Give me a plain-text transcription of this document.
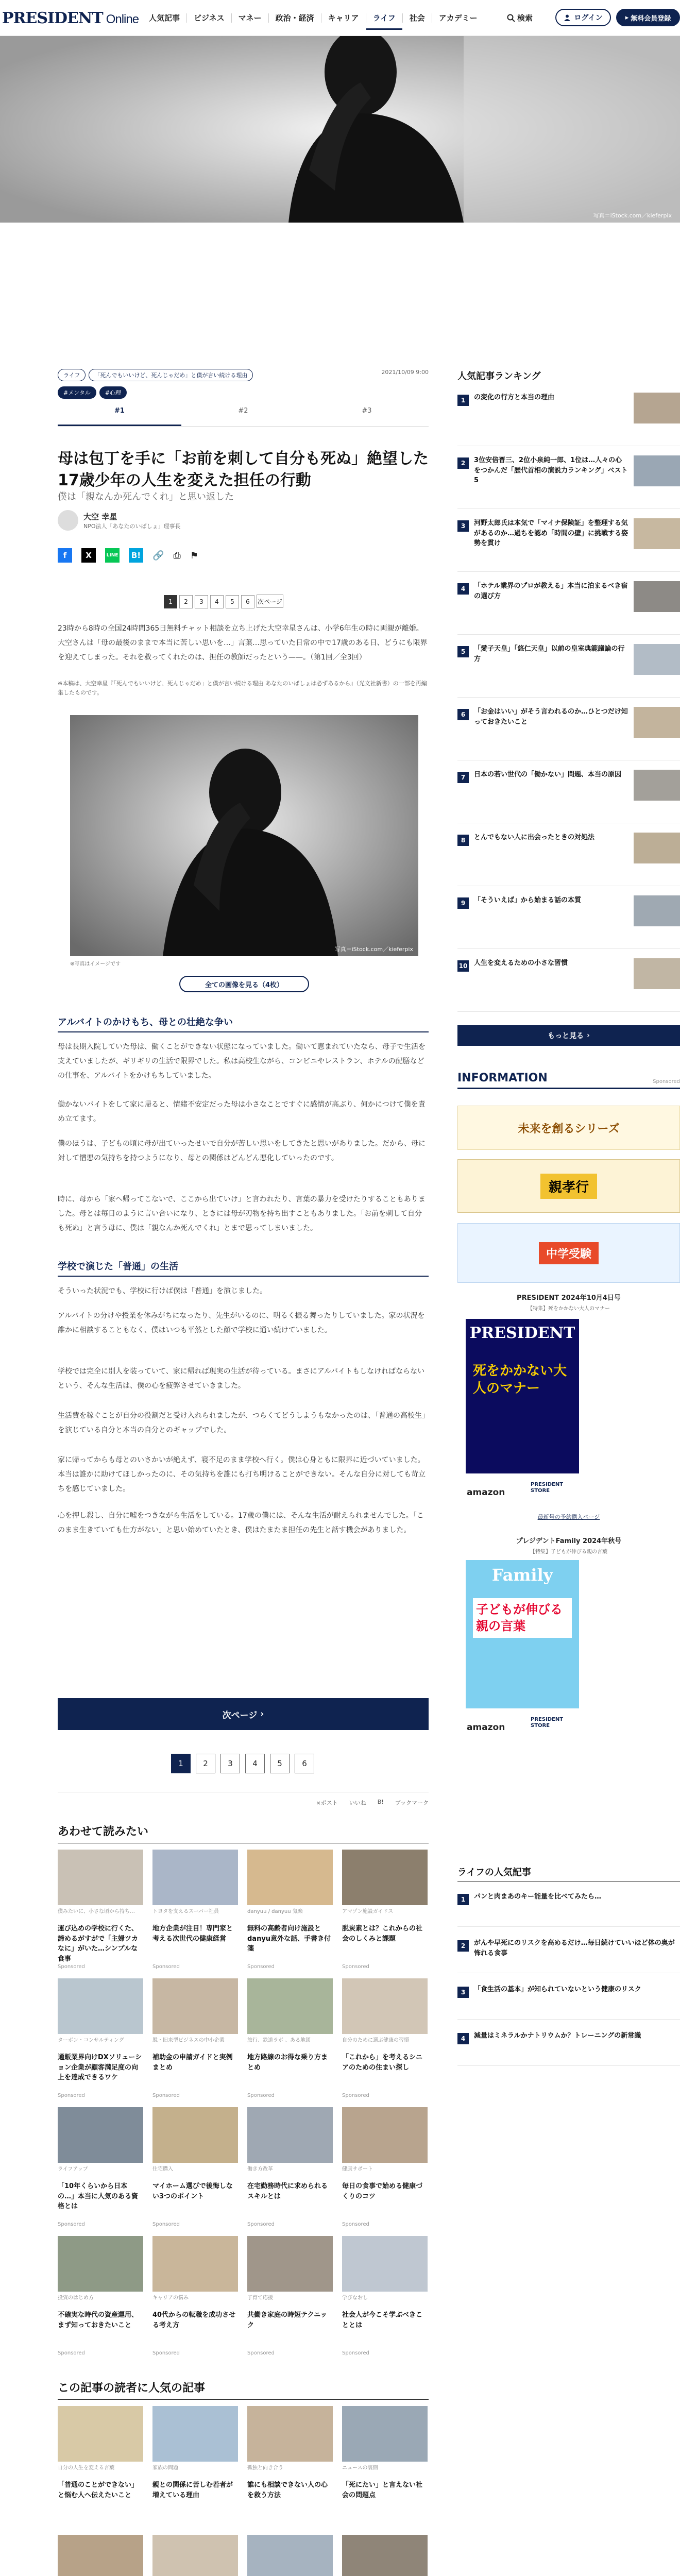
PRESIDENT Online	人気記事	ビジネス	マネー	政治・経済	キャリア	ライフ	社会	アカデミー	検索	ログイン	▸ 無料会員登録
写真＝iStock.com／kieferpix
ライフ	「死んでもいいけど、死んじゃだめ」と僕が言い続ける理由	2021/10/09 9:00
#メンタル	#心理
#1	#2	#3
母は包丁を手に「お前を刺して自分も死ぬ」絶望した17歳少年の人生を変えた担任の行動
僕は「親なんか死んでくれ」と思い返した
大空 幸星
NPO法人「あなたのいばしょ」理事長
f	X	LINE	B! 🔗 ⎙ ⚑
1 2 3 4 5 6 次ページ
23時から8時の全国24時間365日無料チャット相談を立ち上げた大空幸星さんは、小学6年生の時に両親が離婚。大空さんは「母の最後のままで本当に苦しい思いを…」言葉…思っていた日常の中で17歳のある日、どうにも限界を迎えてしまった。それを救ってくれたのは、担任の教師だったという——。（第1回／全3回）
※本稿は、大空幸星『「死んでもいいけど、死んじゃだめ」と僕が言い続ける理由 あなたのいばしょは必ずあるから』（光文社新書）の一部を再編集したものです。
写真＝iStock.com／kieferpix
※写真はイメージです
全ての画像を見る（4枚）
アルバイトのかけもち、母との壮絶な争い
母は長期入院していた母は、働くことができない状態になっていました。働いて恵まれていたなら、母子で生活を支えていましたが、ギリギリの生活で限界でした。私は高校生ながら、コンビニやレストラン、ホテルの配膳などの仕事を、アルバイトをかけもちしていました。
働かないバイトをして家に帰ると、情緒不安定だった母は小さなことですぐに感情が高ぶり、何かにつけて僕を責め立てます。
僕のほうは、子どもの頃に母が出ていったせいで自分が苦しい思いをしてきたと思いがありました。だから、母に対して憎悪の気持ちを持つようになり、母との関係はどんどん悪化していったのです。
時に、母から「家へ帰ってこないで、ここから出ていけ」と言われたり、言葉の暴力を受けたりすることもありました。母とは毎日のように言い合いになり、ときには母が刃物を持ち出すこともありました。「お前を刺して自分も死ぬ」と言う母に、僕は「親なんか死んでくれ」とまで思ってしまいました。
学校で演じた「普通」の生活
そういった状況でも、学校に行けば僕は「普通」を演じました。
アルバイトの分けや授業を休みがちになったり、先生がいるのに、明るく振る舞ったりしていました。家の状況を誰かに相談することもなく、僕はいつも平然とした顔で学校に通い続けていました。
学校では完全に別人を装っていて、家に帰れば現実の生活が待っている。まさにアルバイトもしなければならないという、そんな生活は、僕の心を疲弊させていきました。
生活費を稼ぐことが自分の役割だと受け入れられましたが、つらくてどうしようもなかったのは、「普通の高校生」を演じている自分と本当の自分とのギャップでした。
家に帰ってからも母とのいさかいが絶えず、寝不足のまま学校へ行く。僕は心身ともに限界に近づいていました。本当は誰かに助けてほしかったのに、その気持ちを誰にも打ち明けることができない。そんな自分に対しても苛立ちを感じていました。
心を押し殺し、自分に嘘をつきながら生活をしている。17歳の僕には、そんな生活が耐えられませんでした。「このまま生きていても仕方がない」と思い始めていたとき、僕はたまたま担任の先生と話す機会がありました。
次ページ ›
1	2	3	4	5	6
×ポスト いいね B! ブックマーク
あわせて読みたい
僕みたいに、小さな頃から持ち…
運び込めの学校に行くた、諦めるがすがで「主婦ツカなに」がいた…シンプルな食事
Sponsored
トヨタを支えるスーパー社員
地方企業が注目！専門家と考える次世代の健康経営
Sponsored
danyuu / danyuu 気楽
無料の高齢者向け施設とdanyu意外な話、手書き付箋
Sponsored
アマゾン施設ガイドス
脱炭素とは？これからの社会のしくみと課題
Sponsored
ターボン・コンサルティング
通販業界向けDXソリューション企業が顧客満足度の向上を達成できるワケ
Sponsored
脱・旧来型ビジネスの中小企業
補助金の申請ガイドと実例まとめ
Sponsored
旅行、鉄道ラボ 、ある地図
地方路線のお得な乗り方まとめ
Sponsored
自分のために選ぶ健康の習慣
「これから」を考えるシニアのための住まい探し
Sponsored
ライフアップ
「10年くらいから日本の…」本当に人気のある資格とは
Sponsored
住宅購入
マイホーム選びで後悔しない3つのポイント
Sponsored
働き方改革
在宅勤務時代に求められるスキルとは
Sponsored
健康サポート
毎日の食事で始める健康づくりのコツ
Sponsored
投資のはじめ方
不確実な時代の資産運用、まず知っておきたいこと
Sponsored
キャリアの悩み
40代からの転職を成功させる考え方
Sponsored
子育て応援
共働き家庭の時短テクニック
Sponsored
学びなおし
社会人が今こそ学ぶべきこととは
Sponsored
この記事の読者に人気の記事
自分の人生を変える言葉
「普通のことができない」と悩む人へ伝えたいこと
家族の問題
親との関係に苦しむ若者が増えている理由
孤独と向き合う
誰にも相談できない人の心を救う方法
ニュースの裏側
「死にたい」と言えない社会の問題点
人気記事ランキング
1	の変化の行方と本当の理由
2	3位安倍晋三、2位小泉純一郎、1位は…人々の心をつかんだ「歴代首相の演説力ランキング」ベスト5
3	河野太郎氏は本気で「マイナ保険証」を整理する気があるのか…過ちを認め「時間の壁」に挑戦する姿勢を貫け
4	「ホテル業界のプロが教える」本当に泊まるべき宿の選び方
5	「愛子天皇」「悠仁天皇」以前の皇室典範議論の行方
6	「お金はいい」がそう言われるのか…ひとつだけ知っておきたいこと
7	日本の若い世代の「働かない」問題、本当の原因
8	とんでもない人に出会ったときの対処法
9	「そういえば」から始まる話の本質
10 人生を変えるための小さな習慣
もっと見る ›
INFORMATION	Sponsored
未来を創るシリーズ
親孝行
中学受験
PRESIDENT 2024年10月4日号
【特集】死をかかない大人のマナー
PRESIDENT
死をかかない大人のマナー
amazon
PRESIDENT STORE
最新号の予約購入ページ
プレジデントFamily 2024年秋号
【特集】子どもが伸びる親の言葉
Family
子どもが伸びる親の言葉
amazon
PRESIDENT STORE
ライフの人気記事
1	パンと肉まあのキー能量を比べてみたら…
2	がんや早死にのリスクを高めるだけ…毎日続けていいほど体の奥が怖れる食事
3	「食生活の基本」が知られていないという健康のリスク
4	減量はミネラルかナトリウムか？トレーニングの新常識
